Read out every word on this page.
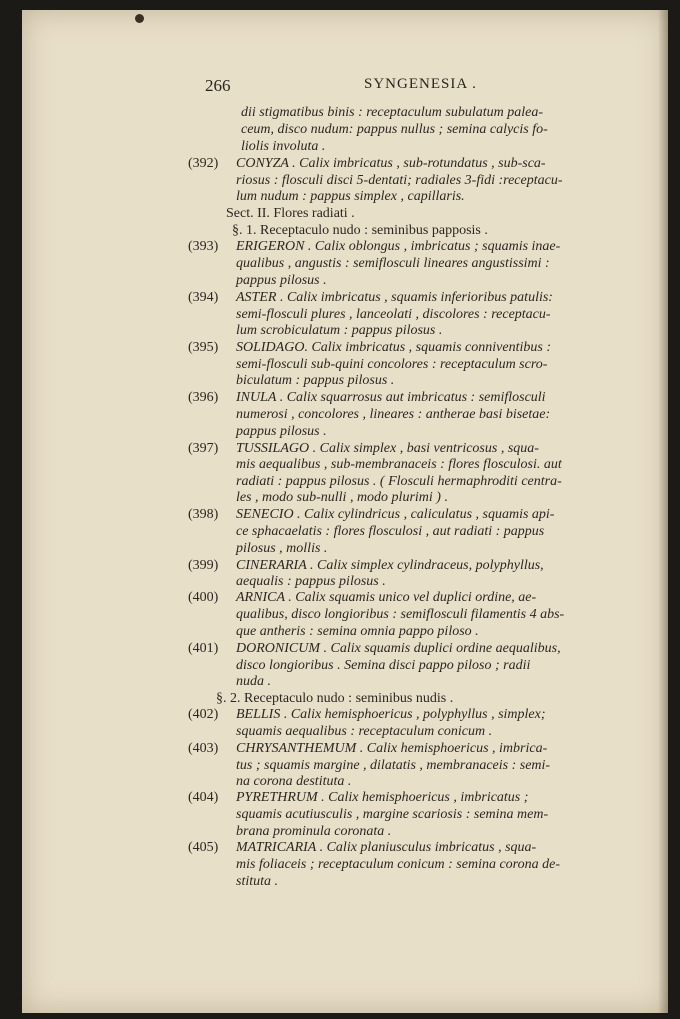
266	SYNGENESIA .
(392)
(393)
(394)
(395)
(396)
(397)
(398)
(399)
(400)
(401)
(402)
(403)
(404)
(405)
dii stigmatibus binis : receptaculum subulatum palea-
ceum, disco nudum: pappus nullus ; semina calycis fo-
liolis involuta .
CONYZA . Calix imbricatus , sub-rotundatus , sub-sca-
riosus : flosculi disci 5-dentati; radiales 3-fidi :receptacu-
lum nudum : pappus simplex , capillaris.
Sect. II. Flores radiati .
§. 1. Receptaculo nudo : seminibus papposis .
ERIGERON . Calix oblongus , imbricatus ; squamis inae-
qualibus , angustis : semiflosculi lineares angustissimi :
pappus pilosus .
ASTER . Calix imbricatus , squamis inferioribus patulis:
semi-flosculi plures , lanceolati , discolores : receptacu-
lum scrobiculatum : pappus pilosus .
SOLIDAGO. Calix imbricatus , squamis conniventibus :
semi-flosculi sub-quini concolores : receptaculum scro-
biculatum : pappus pilosus .
INULA . Calix squarrosus aut imbricatus : semiflosculi
numerosi , concolores , lineares : antherae basi bisetae:
pappus pilosus .
TUSSILAGO . Calix simplex , basi ventricosus , squa-
mis aequalibus , sub-membranaceis : flores flosculosi. aut
radiati : pappus pilosus . ( Flosculi hermaphroditi centra-
les , modo sub-nulli , modo plurimi ) .
SENECIO . Calix cylindricus , caliculatus , squamis api-
ce sphacaelatis : flores flosculosi , aut radiati : pappus
pilosus , mollis .
CINERARIA . Calix simplex cylindraceus, polyphyllus,
aequalis : pappus pilosus .
ARNICA . Calix squamis unico vel duplici ordine, ae-
qualibus, disco longioribus : semiflosculi filamentis 4 abs-
que antheris : semina omnia pappo piloso .
DORONICUM . Calix squamis duplici ordine aequalibus,
disco longioribus . Semina disci pappo piloso ; radii
nuda .
§. 2. Receptaculo nudo : seminibus nudis .
BELLIS . Calix hemisphoericus , polyphyllus , simplex;
squamis aequalibus : receptaculum conicum .
CHRYSANTHEMUM . Calix hemisphoericus , imbrica-
tus ; squamis margine , dilatatis , membranaceis : semi-
na corona destituta .
PYRETHRUM . Calix hemisphoericus , imbricatus ;
squamis acutiusculis , margine scariosis : semina mem-
brana prominula coronata .
MATRICARIA . Calix planiusculus imbricatus , squa-
mis foliaceis ; receptaculum conicum : semina corona de-
stituta .
